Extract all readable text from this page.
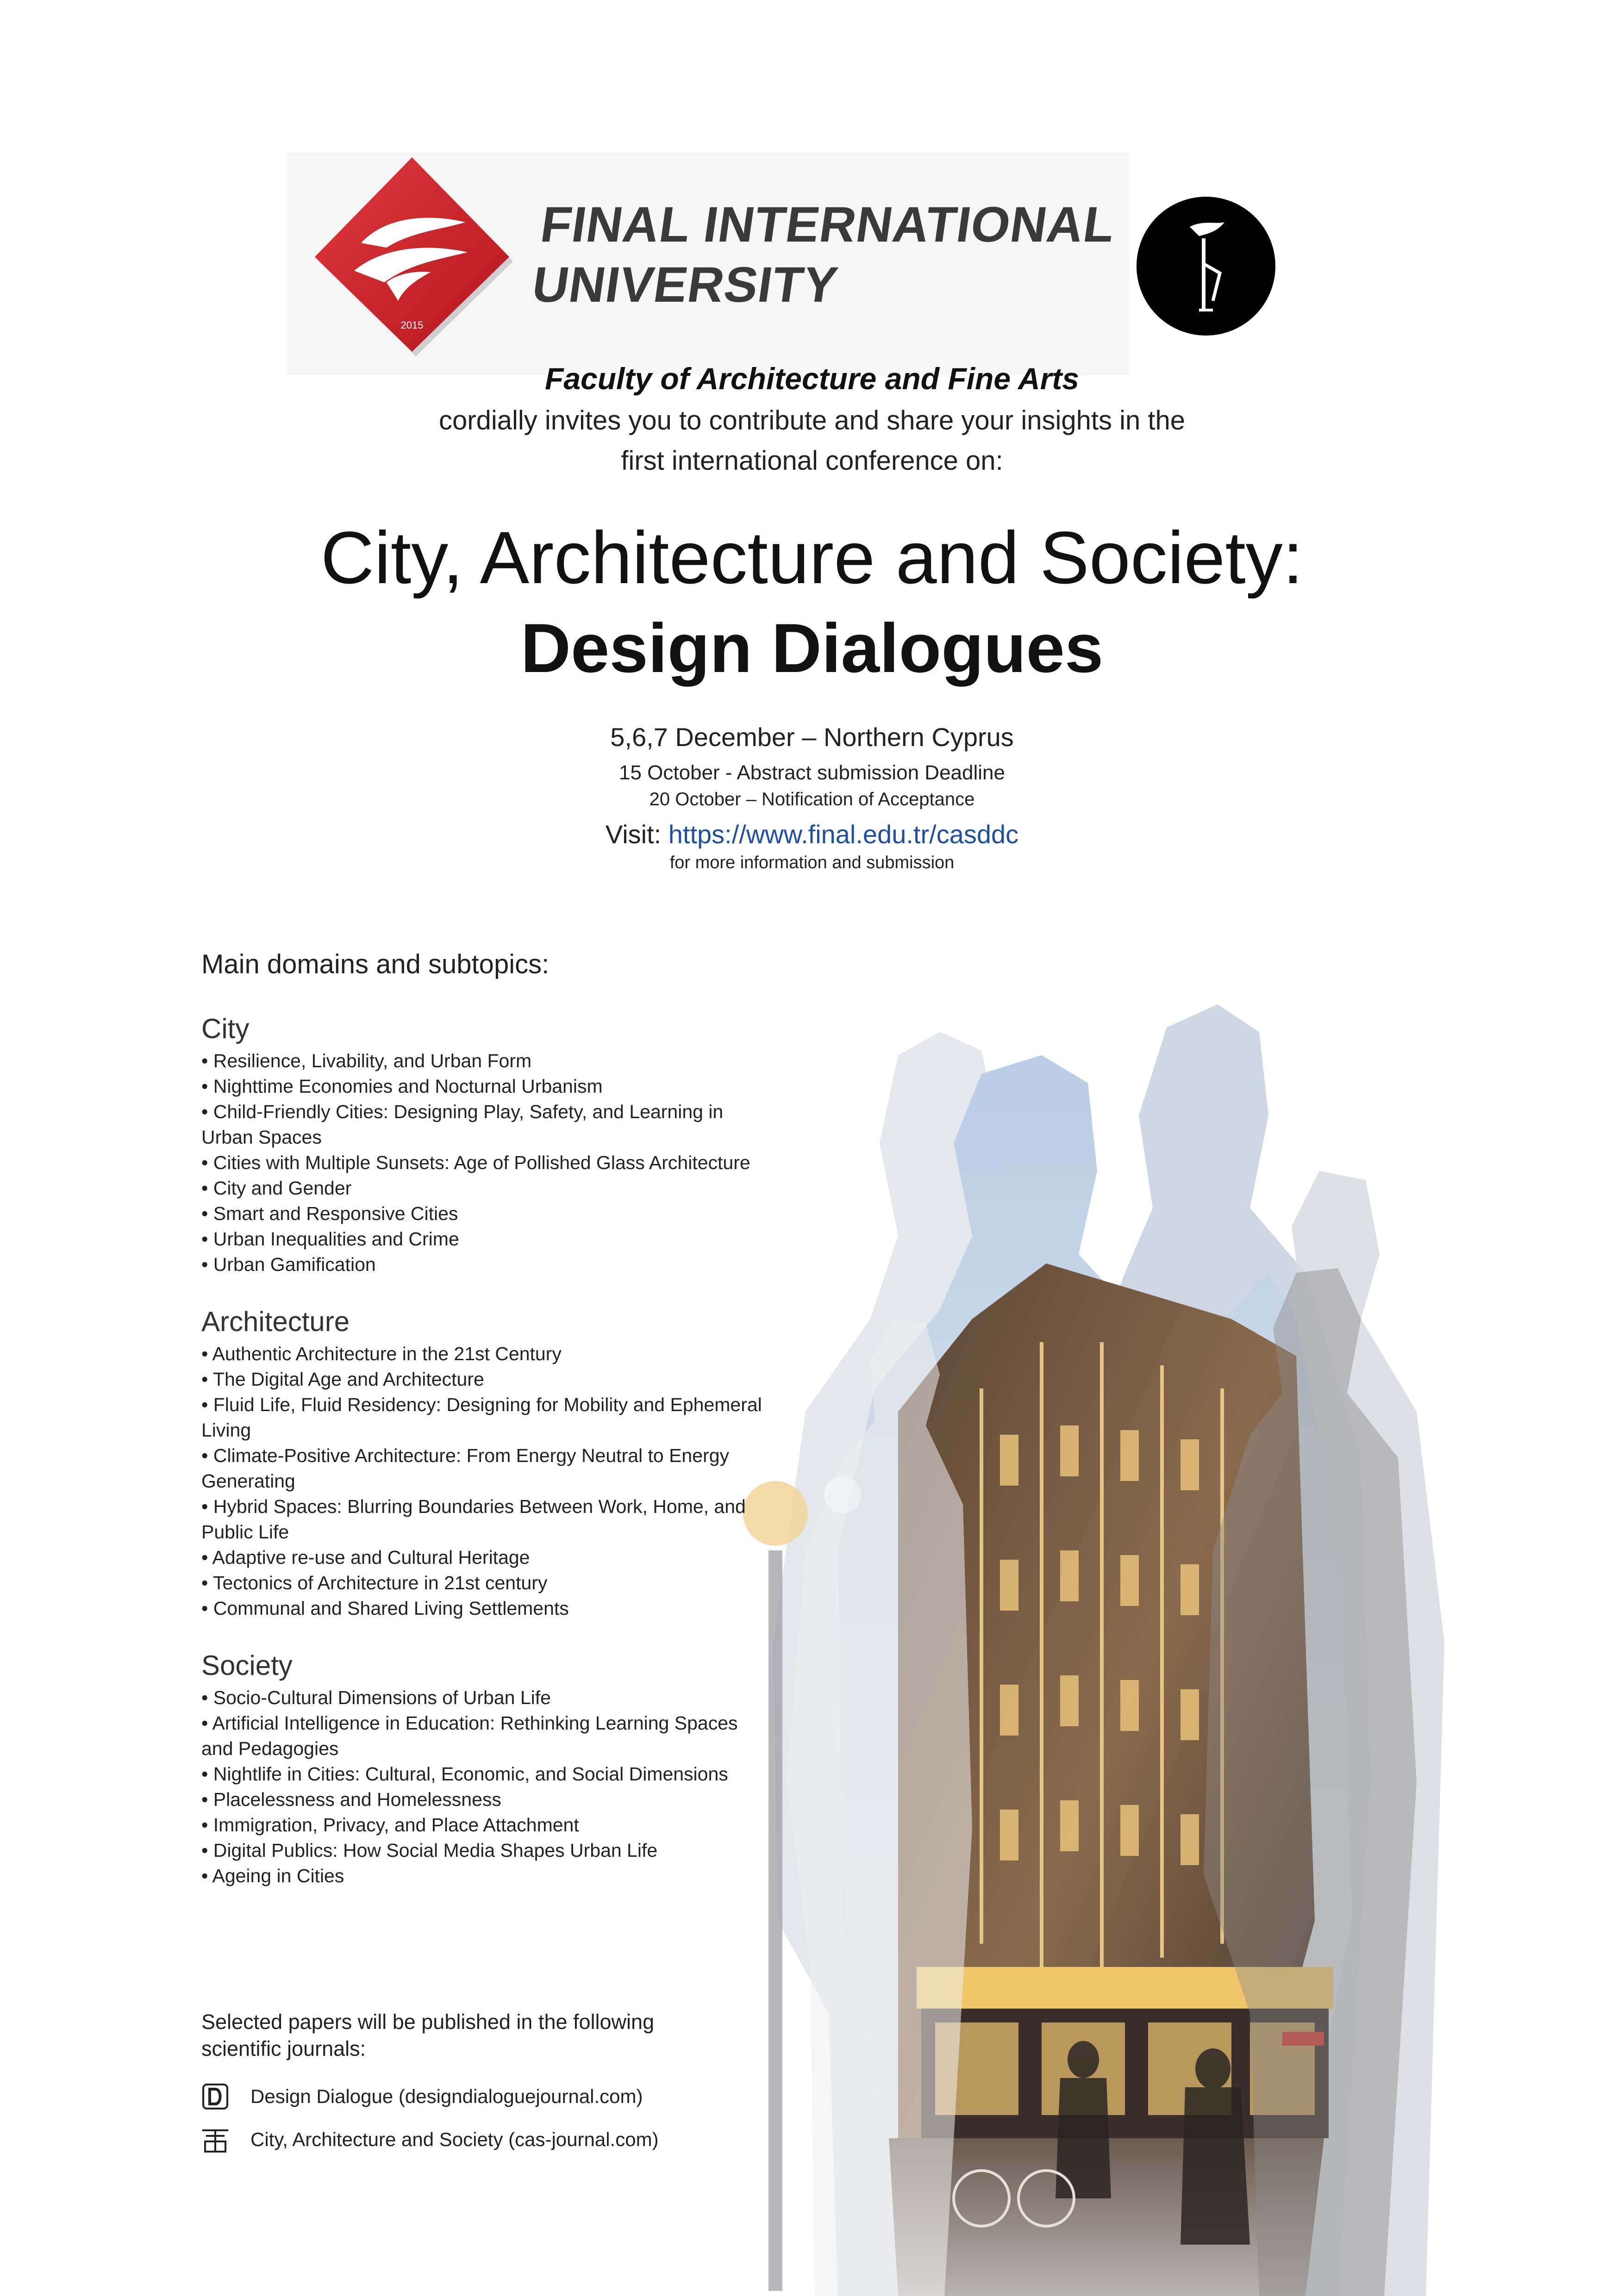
2015
FINAL INTERNATIONAL
UNIVERSITY
Faculty of Architecture and Fine Arts
cordially invites you to contribute and share your insights in the
first international conference on:
City, Architecture and Society:
Design Dialogues
5,6,7 December – Northern Cyprus
15 October - Abstract submission Deadline
20 October – Notification of Acceptance
Visit: https://www.final.edu.tr/casddc
for more information and submission
Main domains and subtopics:
City
• Resilience, Livability, and Urban Form
• Nighttime Economies and Nocturnal Urbanism
• Child-Friendly Cities: Designing Play, Safety, and Learning in Urban Spaces
• Cities with Multiple Sunsets: Age of Pollished Glass Architecture
• City and Gender
• Smart and Responsive Cities
• Urban Inequalities and Crime
• Urban Gamification
Architecture
• Authentic Architecture in the 21st Century
• The Digital Age and Architecture
• Fluid Life, Fluid Residency: Designing for Mobility and Ephemeral Living
• Climate-Positive Architecture: From Energy Neutral to Energy Generating
• Hybrid Spaces: Blurring Boundaries Between Work, Home, and Public Life
• Adaptive re-use and Cultural Heritage
• Tectonics of Architecture in 21st century
• Communal and Shared Living Settlements
Society
• Socio-Cultural Dimensions of Urban Life
• Artificial Intelligence in Education: Rethinking Learning Spaces and Pedagogies
• Nightlife in Cities: Cultural, Economic, and Social Dimensions
• Placelessness and Homelessness
• Immigration, Privacy, and Place Attachment
• Digital Publics: How Social Media Shapes Urban Life
• Ageing in Cities
Selected papers will be published in the following scientific journals:
Design Dialogue (designdialoguejournal.com)
City, Architecture and Society (cas-journal.com)
